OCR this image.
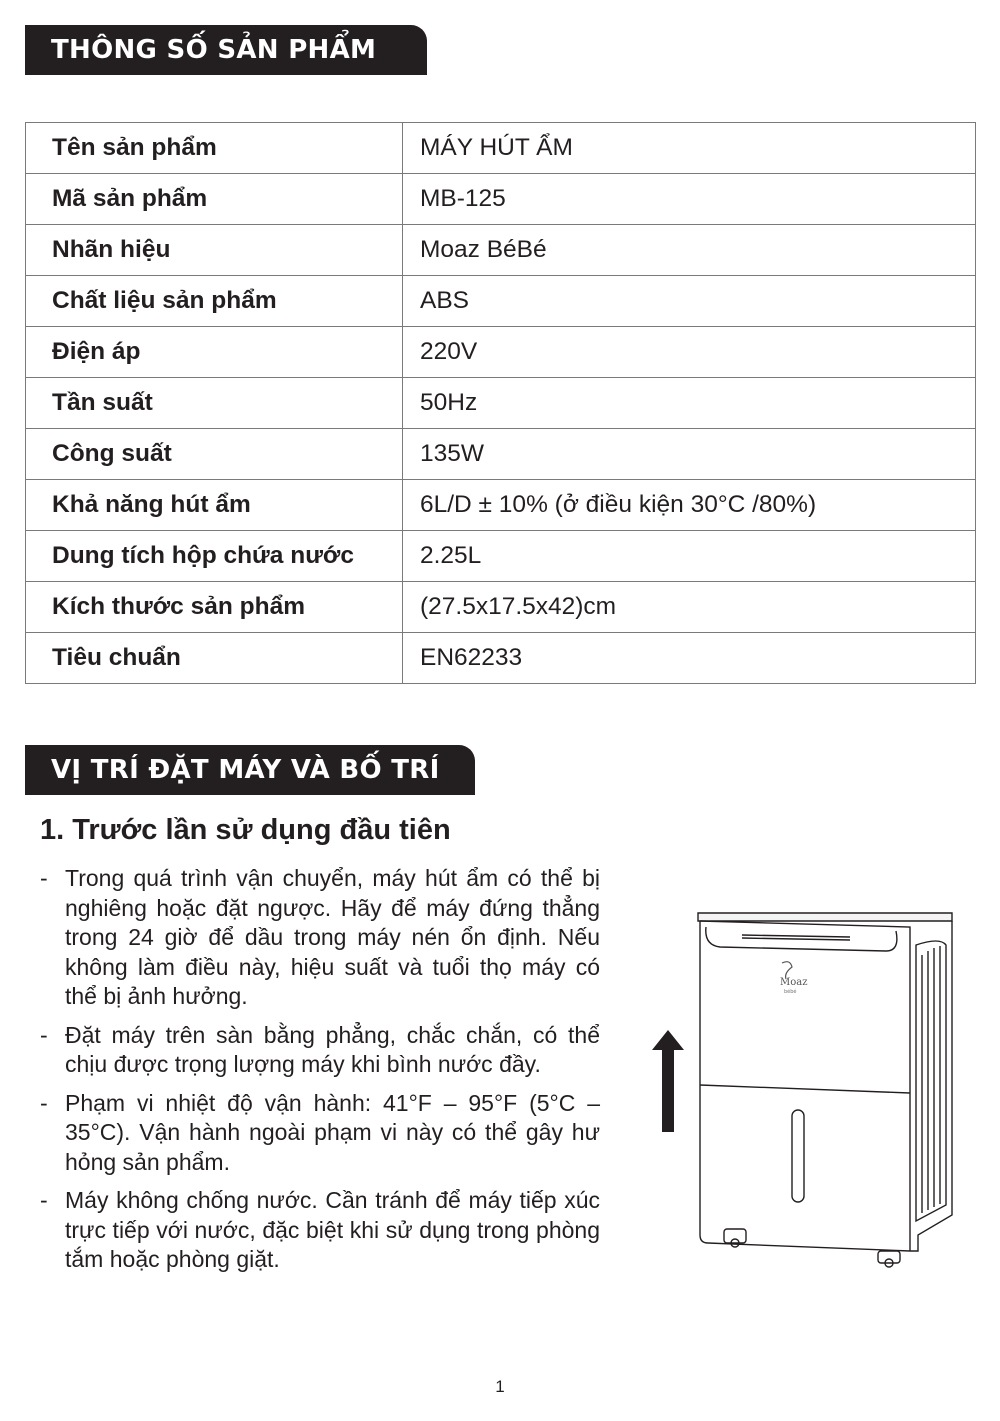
THÔNG SỐ SẢN PHẨM
Tên sản phẩm	MÁY HÚT ẨM
Mã sản phẩm	MB-125
Nhãn hiệu	Moaz BéBé
Chất liệu sản phẩm	ABS
Điện áp	220V
Tần suất	50Hz
Công suất	135W
Khả năng hút ẩm	6L/D ± 10% (ở điều kiện 30°C /80%)
Dung tích hộp chứa nước	2.25L
Kích thước sản phẩm	(27.5x17.5x42)cm
Tiêu chuẩn	EN62233
VỊ TRÍ ĐẶT MÁY VÀ BỐ TRÍ
1. Trước lần sử dụng đầu tiên
- Trong quá trình vận chuyển, máy hút ẩm có thể bị nghiêng hoặc đặt ngược. Hãy để máy đứng thẳng trong 24 giờ để dầu trong máy nén ổn định. Nếu không làm điều này, hiệu suất và tuổi thọ máy có thể bị ảnh hưởng.
- Đặt máy trên sàn bằng phẳng, chắc chắn, có thể chịu được trọng lượng máy khi bình nước đầy.
- Phạm vi nhiệt độ vận hành: 41°F – 95°F (5°C – 35°C). Vận hành ngoài phạm vi này có thể gây hư hỏng sản phẩm.
- Máy không chống nước. Cần tránh để máy tiếp xúc trực tiếp với nước, đặc biệt khi sử dụng trong phòng tắm hoặc phòng giặt.
Moaz
bébé
1
